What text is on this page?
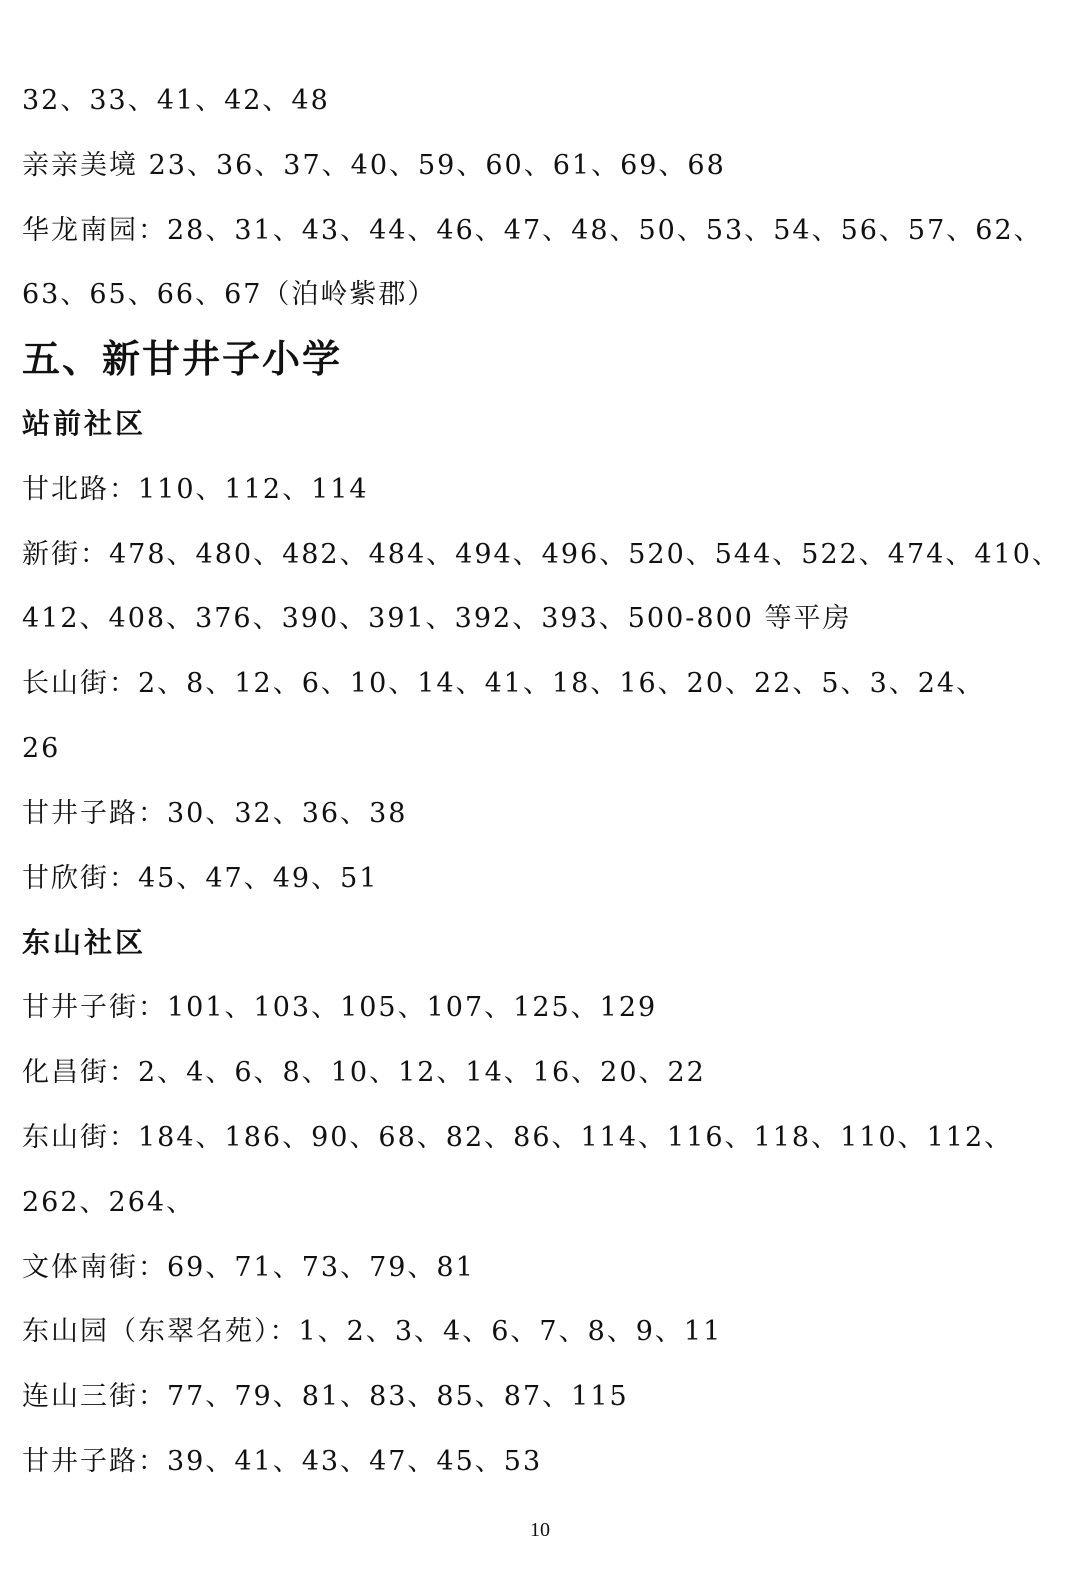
32、33、41、42、48
亲亲美境 23、36、37、40、59、60、61、69、68
华龙南园：28、31、43、44、46、47、48、50、53、54、56、57、62、
63、65、66、67（泊岭紫郡）
五、新甘井子小学
站前社区
甘北路：110、112、114
新街：478、480、482、484、494、496、520、544、522、474、410、
412、408、376、390、391、392、393、500-800 等平房
长山街：2、8、12、6、10、14、41、18、16、20、22、5、3、24、
26
甘井子路：30、32、36、38
甘欣街：45、47、49、51
东山社区
甘井子街：101、103、105、107、125、129
化昌街：2、4、6、8、10、12、14、16、20、22
东山街：184、186、90、68、82、86、114、116、118、110、112、
262、264、
文体南街：69、71、73、79、81
东山园（东翠名苑）：1、2、3、4、6、7、8、9、11
连山三街：77、79、81、83、85、87、115
甘井子路：39、41、43、47、45、53
10
